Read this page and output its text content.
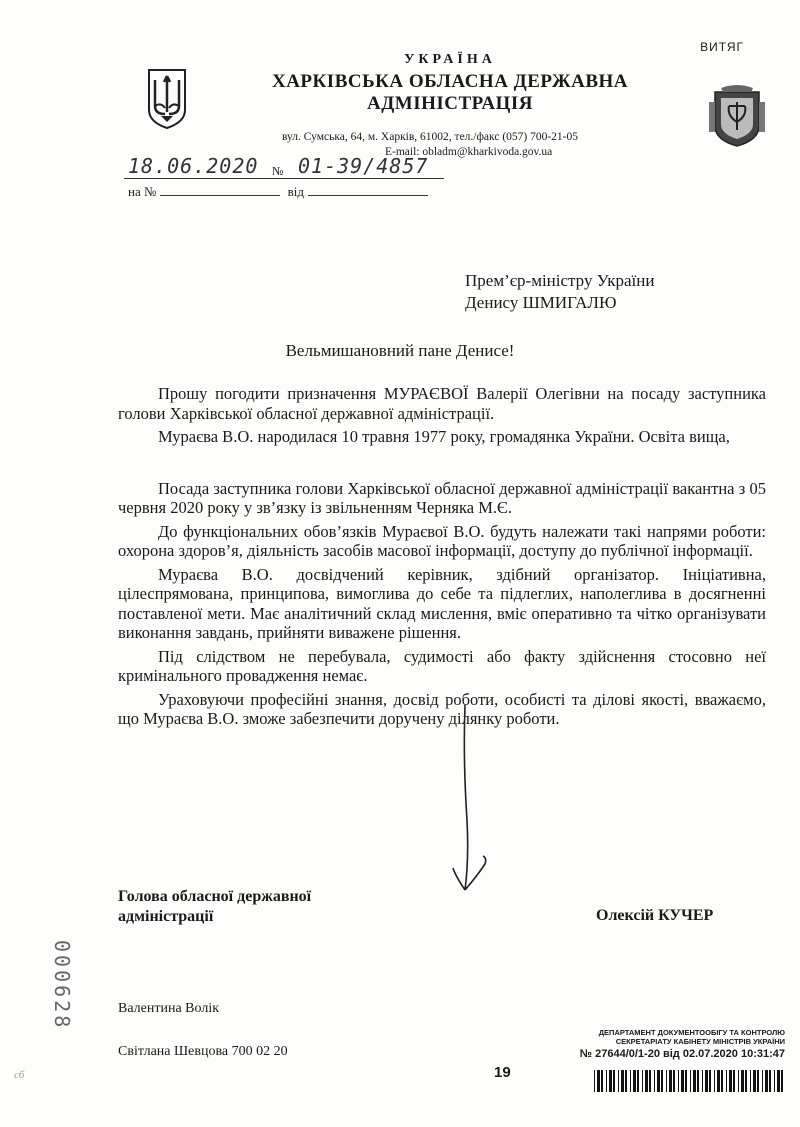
ВИТЯГ
УКРАЇНА
ХАРКІВСЬКА ОБЛАСНА ДЕРЖАВНА
АДМІНІСТРАЦІЯ
вул. Сумська, 64, м. Харків, 61002, тел./факс (057) 700-21-05
E-mail: obladm@kharkivoda.gov.ua
18.06.2020 № 01-39/4857
на №	від
Прем’єр-міністру України
Денису ШМИГАЛЮ
Вельмишановний пане Денисе!

Прошу погодити призначення МУРАЄВОЇ Валерії Олегівни на посаду заступника голови Харківської обласної державної адміністрації.

Мураєва В.О. народилася 10 травня 1977 року, громадянка України. Освіта вища,

Посада заступника голови Харківської обласної державної адміністрації вакантна з 05 червня 2020 року у зв’язку із звільненням Черняка М.Є.

До функціональних обов’язків Мураєвої В.О. будуть належати такі напрями роботи: охорона здоров’я, діяльність засобів масової інформації, доступу до публічної інформації.

Мураєва В.О. досвідчений керівник, здібний організатор. Ініціативна, цілеспрямована, принципова, вимоглива до себе та підлеглих, наполеглива в досягненні поставленої мети. Має аналітичний склад мислення, вміє оперативно та чітко організувати виконання завдань, прийняти виважене рішення.

Під слідством не перебувала, судимості або факту здійснення стосовно неї кримінального провадження немає.

Ураховуючи професійні знання, досвід роботи, особисті та ділові якості, вважаємо, що Мураєва В.О. зможе забезпечити доручену ділянку роботи.

Голова обласної державної
адміністрації	Олексій КУЧЕР
000628	Валентина Волік
Світлана Шевцова 700 02 20
19
ДЕПАРТАМЕНТ ДОКУМЕНТООБІГУ ТА КОНТРОЛЮ
СЕКРЕТАРІАТУ КАБІНЕТУ МІНІСТРІВ УКРАЇНИ
№ 27644/0/1-20 від 02.07.2020 10:31:47
сб
